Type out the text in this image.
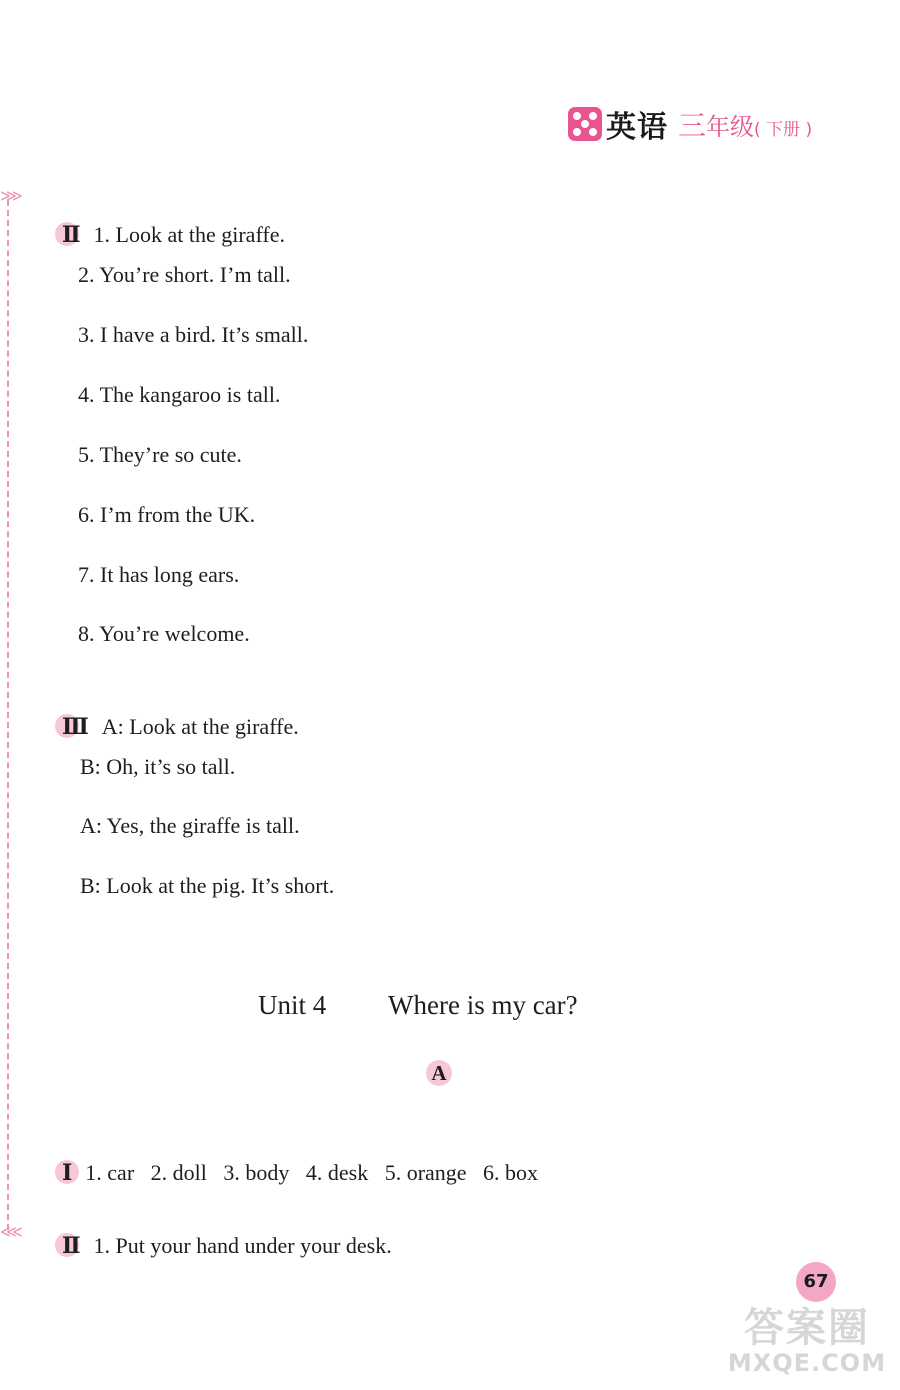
英语 三 年级 ( 下册 )
⋙
⋘

Ⅱ 1. Look at the giraffe.

2. You’re short. I’m tall.
3. I have a bird. It’s small.
4. The kangaroo is tall.
5. They’re so cute.
6. I’m from the UK.
7. It has long ears.
8. You’re welcome.

Ⅲ A: Look at the giraffe.

B: Oh, it’s so tall.
A: Yes, the giraffe is tall.
B: Look at the pig. It’s short.
Unit 4 Where is my car?
A

Ⅰ 1. car   2. doll   3. body   4. desk   5. orange   6. box

Ⅱ 1. Put your hand under your desk.

67
答案圈
MXQE.COM
